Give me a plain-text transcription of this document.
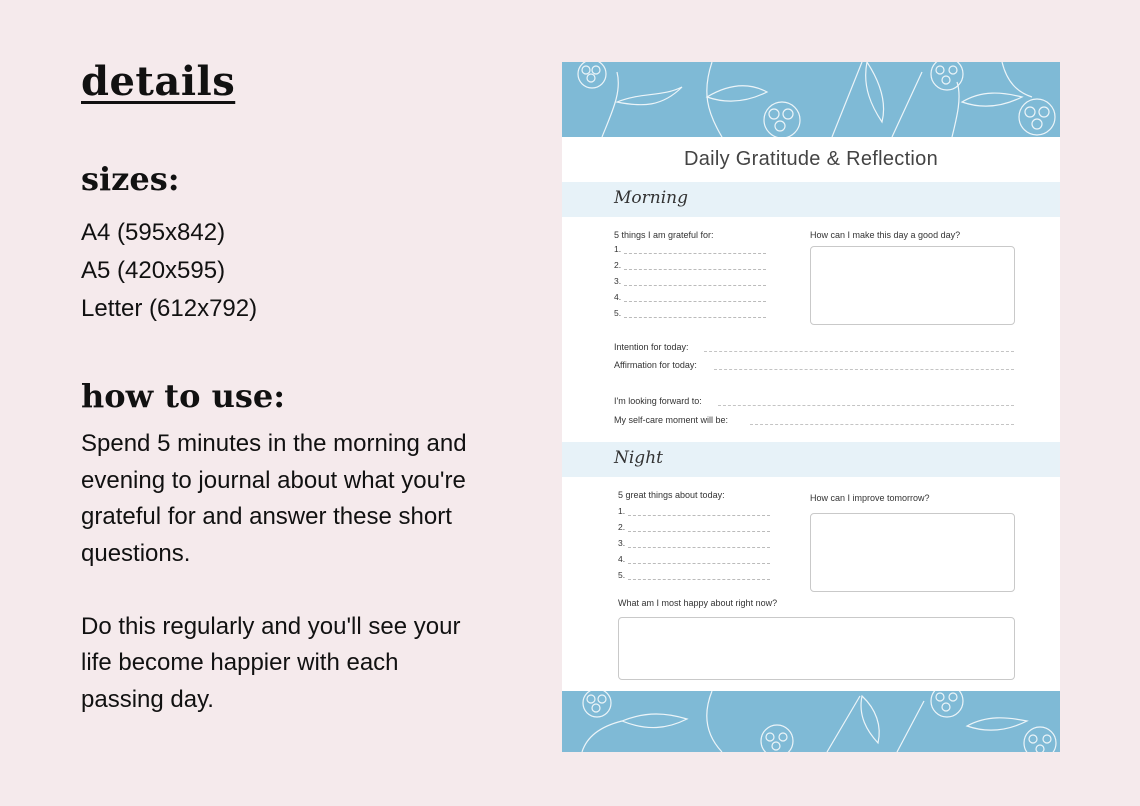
details
sizes:
A4 (595x842)
A5 (420x595)
Letter (612x792)
how to use:

Spend 5 minutes in the morning and evening to journal about what you're grateful for and answer these short questions.

Do this regularly and you'll see your life become happier with each passing day.

Daily Gratitude & Reflection
Morning
5 things I am grateful for:
1.
2.
3.
4.
5.
How can I make this day a good day?
Intention for today:
Affirmation for today:
I'm looking forward to:
My self-care moment will be:
Night
5 great things about today:
1.
2.
3.
4.
5.
How can I improve tomorrow?
What am I most happy about right now?
